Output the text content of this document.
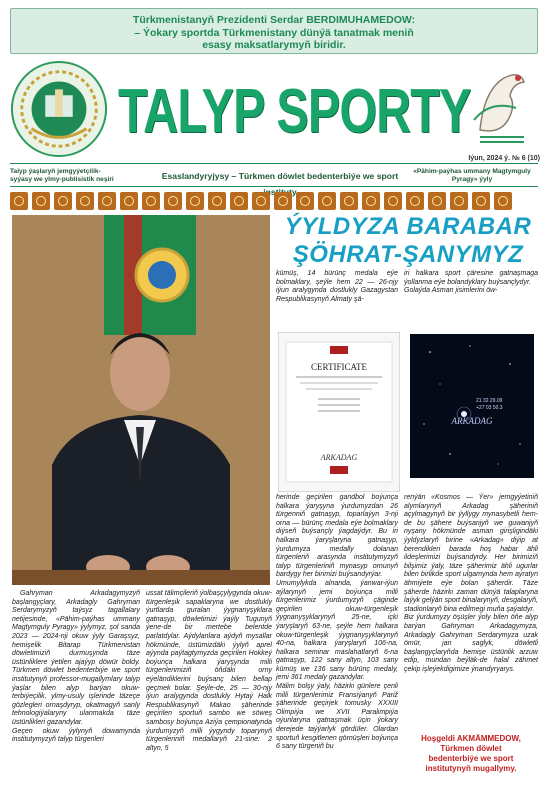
Türkmenistanyň Prezidenti Serdar BERDIMUHAMEDOW:
– Ýokary sportda Türkmenistany dünýä tanatmak meniň
esasy maksatlarymyň biridir.
TALYP SPORTY
Iýun, 2024 ý. № 6 (10)
Talyp ýaşlaryň jemgyýetçilik-
syýasy we ylmy-publisistik neşiri	Esaslandyryjysy – Türkmen döwlet bedenterbiýe we sport	«Pähim-paýhas ummany Magtymguly
Pyragy» ýyly
ÝYLDYZA BARABAR
ŞÖHRAT-ŞANYMYZ

kümüş, 14 bürünç medala eýe bolmaklary, şeýle hem 22 — 26-njy iýun aralygynda dostlukly Gazagystan Respublikasynyň Almaty şä-

iri halkara sport çäresine gatnaşmaga ýollanma eýe bolandyklary buýsançlydyr.
Golaýda Asman jisimlerini öw-

CERTIFICATE
ARKADAG
21 32 29.09
+27 03 50.3
ARKADAG

herinde geçirilen gandbol boýunça halkara ýaryşyna ýurdumyzdan 26 türgenniň gatnaşyp, toparlaýyn 3-nji orna — bürünç medala eýe bolmaklary diýseň buýsançly ýagdaýdyr. Bu iri halkara ýaryşlaryna gatnaşyp, ýurdumyza medally dolanan türgenleriň arasynda institutymyzyň talyp türgenleriniň mynasyp ornunyň bardygy her birimizi buýsandyrýar.
Umumylykda alnanda, ýanwar-iýun aýlarynyň jemi boýunça milli türgenlerimiz ýurdumyzyň çäginde geçirilen okuw-türgenleşik ýygnanyşyklarynyň 25-ne, içki ýaryşlaryň 63-ne, şeýle hem halkara okuw-türgenleşik ýygnanyşyklarynyň 40-na, halkara ýaryşlaryň 106-na, halkara seminar maslahatlaryň 6-na gatnaşyp, 122 sany altyn, 103 sany kümüş we 136 sany bürünç medaly, jemi 361 medaly gazandylar.
Mälim bolşy ýaly, häzirki günlere çenli milli türgenlerimiz Fransiýanyň Pariž şäherinde geçirjek tomusky XXXIII Olimpiýa we XVII Paralimpiýa oýunlaryna gatnaşmak üçin ýokary derejede taýýarlyk gördüler. Olardan sportuň kesgitlenen görnüşleri boýunça 6 sany türgeniň bu

renýän «Kosmos — Ýer» jemgyýetiniň alymlarynyň Arkadag şäheriniň açylmagynyň bir ýyllygy mynasybetli hem-de bu şähere buýsanjyň we guwanjyň nyşany hökmünde asman girişligindäki ýyldyzlaryň birine «Arkadag» diýip at berendikleri barada hoş habar ähli ildeşlerimizi buýsandyrdy. Her birimiziň bilşimiz ýaly, täze şäherimiz ähli ugurlar bilen birlikde sport ulgamynda hem aýratyn ähmiýete eýe bolan şäherdir. Täze şäherde häzirki zaman dünýä talaplaryna laýyk gelýän sport binalarynyň, desgalaryň, stadionlaryň bina edilmegi muňa şaýatdyr.
Biz ýurdumyzy öşüşler ýoly bilen öňe alyp barýan Gahryman Arkadagymyza, Arkadagly Gahryman Serdarymyza uzak ömür, jan saglyk, döwletli başlangyçlaryňda hemişe üstünlik arzuw edip, mundan beýläk-de halal zähmet çekip işleýekdigimize ýnandyryarys.

Gahryman Arkadagymyzyň başlangyçlary, Arkadagly Gahryman Serdarymyzyň taýsyz tagallalary netijesinde, «Pähim-paýhas ummany Magtymguly Pyragy» ýylymyz, şol sanda 2023 — 2024-nji okuw ýyly Garaşsyz, hemişelik Bitarap Türkmenistan döwletimiziň durmuşynda täze üstünliklere ýetilen ajaýyp döwür boldy. Türkmen döwlet bedenterbiýe we sport institutynyň professor-mugallymlary talyp ýaşlar bilen alyp barýan okuw-terbiýeçilik, ylmy-usuly işlerinde täzeçe gözlegleri ornaşdyryp, okatmagyň sanly tehnologiýalaryny ulanmakda täze üstünlikleri gazandylar.
Geçen okuw ýylynyň dowamynda institutymyzyň talyp türgenleri

ussat tälimçileriň ýolbaşçylygynda okuw-türgenleşik sapaklaryna we dostlukly ýurtlarda guralan ýygnanyşyklara gatnaşyp, döwletimizi ýaýly Tugunyň ýene-de bir mertebe belentde parlatdylar. Aýdylanlara aýdyň mysallar hökmünde, üstümizdäki ýylyň aprel aýynda paýtagtymyzda geçirilen Hokkeý boýunça halkara ýaryşynda milli türgenlerimiziň öňdäki orny eýeländiklerini buýsanç bilen bellap geçmek bolar. Şeýle-de, 25 — 30-njy iýun aralygynda dostlukly Hytaý Halk Respublikasynyň Makao şäherinde geçirilen sportuň sambo we söweş sambosy boýunça Aziýa çempionatynda ýurdumyzyň milli ýygyndy toparynyň türgenleriniň medallaryň 21-sine: 2 altyn, 5

Hoşgeldi AKMÄMMEDOW,
Türkmen döwlet
bedenterbiýe we sport
institutynyň mugallymy.
